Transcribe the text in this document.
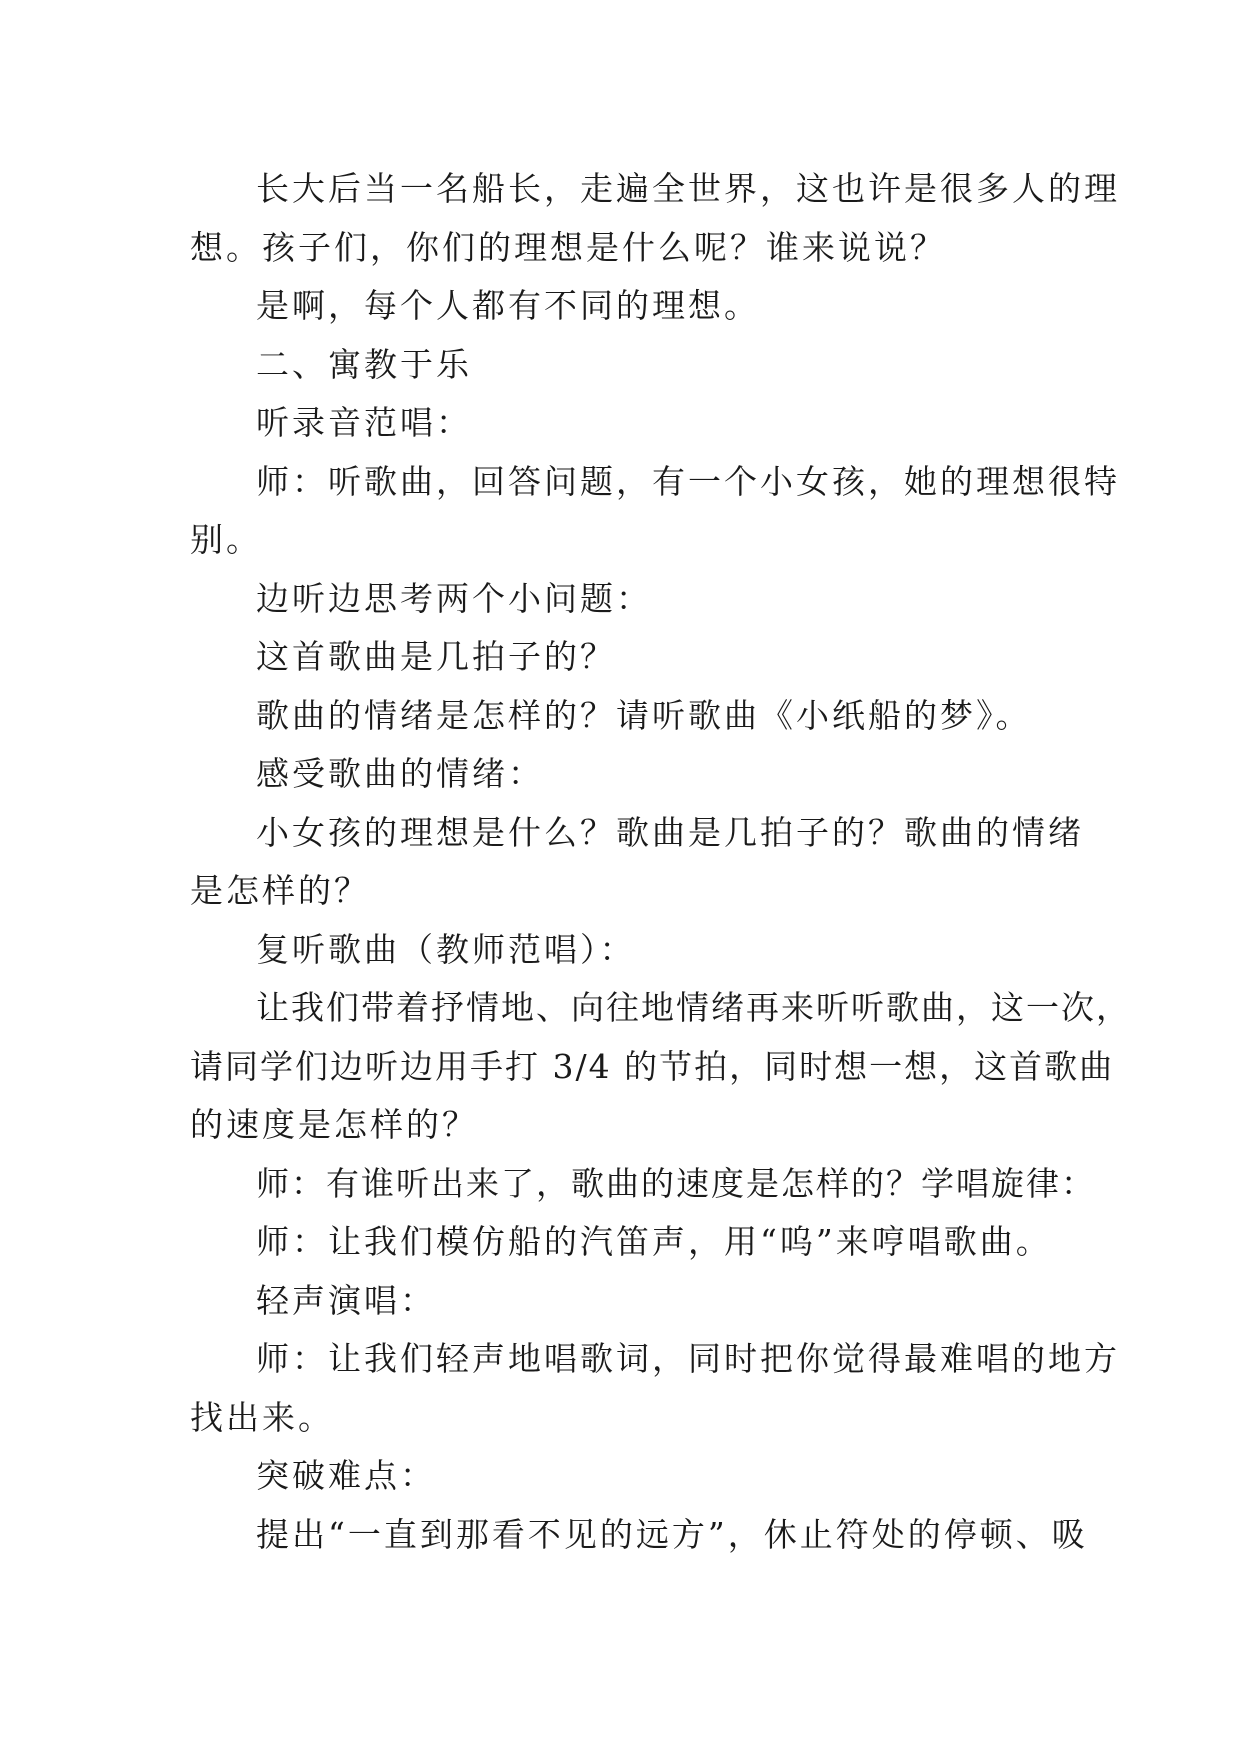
长大后当一名船长，走遍全世界，这也许是很多人的理
想。孩子们，你们的理想是什么呢？谁来说说？
是啊，每个人都有不同的理想。
二、寓教于乐
听录音范唱：
师：听歌曲，回答问题，有一个小女孩，她的理想很特
别。
边听边思考两个小问题：
这首歌曲是几拍子的？
歌曲的情绪是怎样的？请听歌曲《小纸船的梦》。
感受歌曲的情绪：
小女孩的理想是什么？歌曲是几拍子的？歌曲的情绪
是怎样的？
复听歌曲（教师范唱）：
让我们带着抒情地、向往地情绪再来听听歌曲，这一次，
请同学们边听边用手打 3/4 的节拍，同时想一想，这首歌曲
的速度是怎样的？
师：有谁听出来了，歌曲的速度是怎样的？学唱旋律：
师：让我们模仿船的汽笛声，用“呜”来哼唱歌曲。
轻声演唱：
师：让我们轻声地唱歌词，同时把你觉得最难唱的地方
找出来。
突破难点：
提出“一直到那看不见的远方”，休止符处的停顿、吸
